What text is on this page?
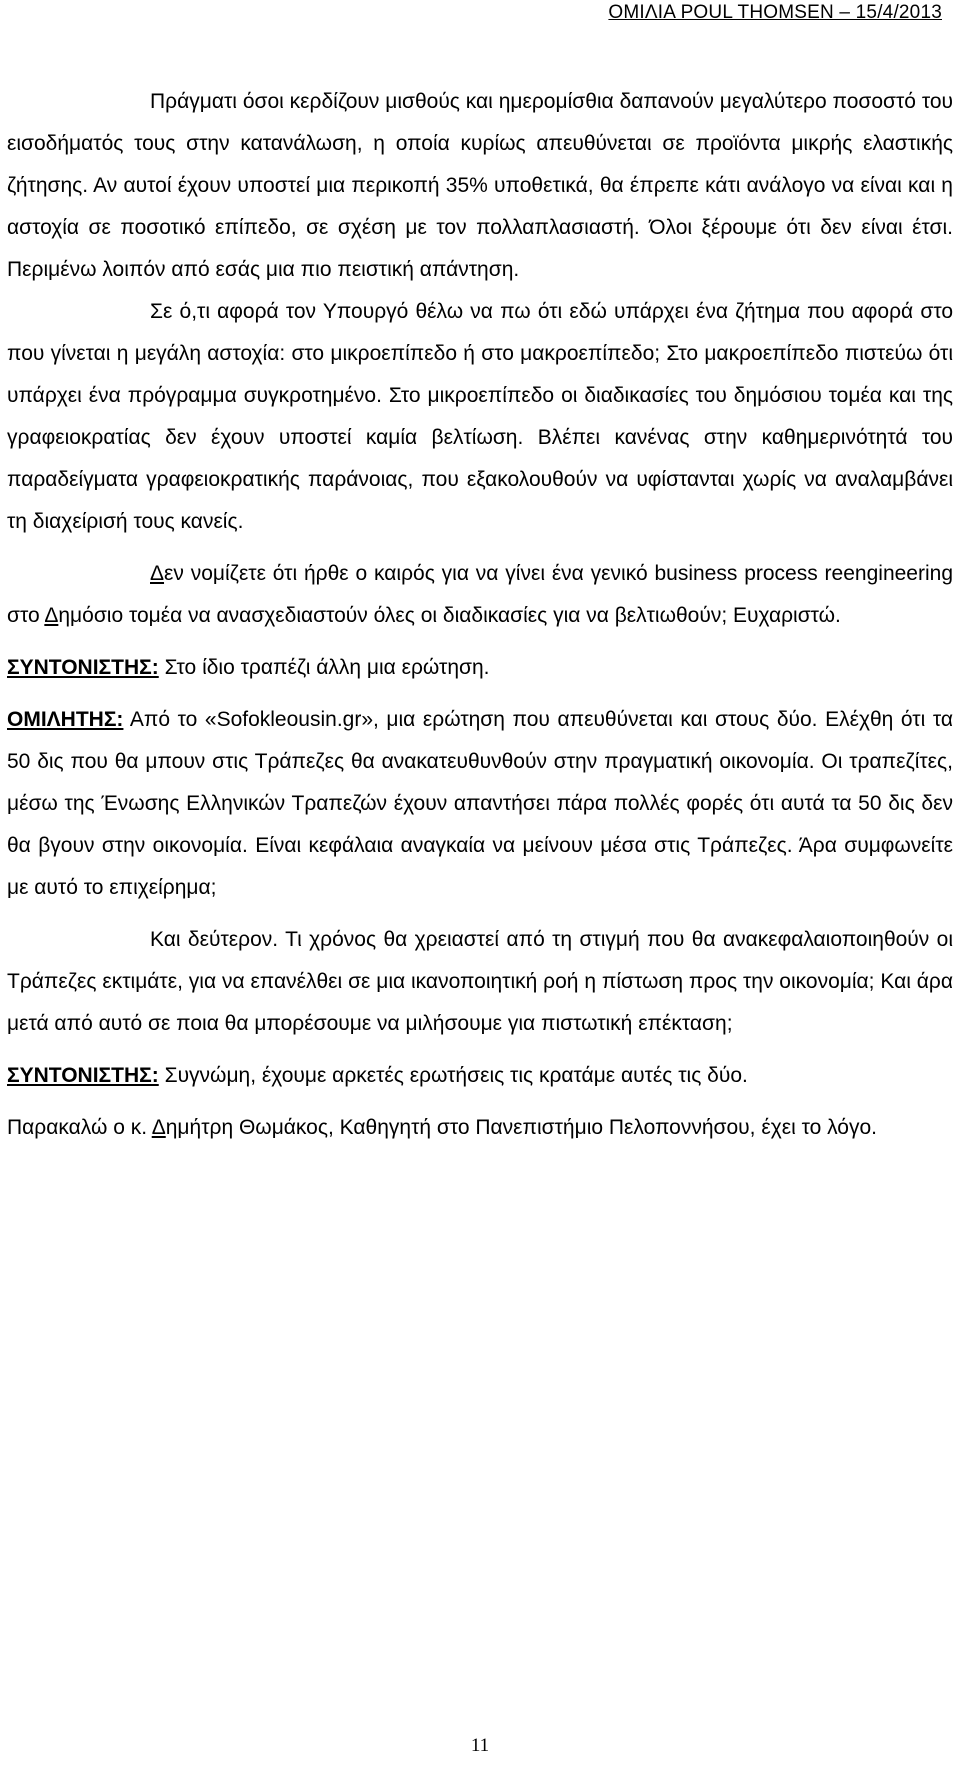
ΟΜΙΛΙΑ POUL THOMSEN – 15/4/2013

Πράγματι όσοι κερδίζουν μισθούς και ημερομίσθια δαπανούν μεγαλύτερο ποσοστό του εισοδήματός τους στην κατανάλωση, η οποία κυρίως απευθύνεται σε προϊόντα μικρής ελαστικής ζήτησης. Αν αυτοί έχουν υποστεί μια περικοπή 35% υποθετικά, θα έπρεπε κάτι ανάλογο να είναι και η αστοχία σε ποσοτικό επίπεδο, σε σχέση με τον πολλαπλασιαστή. Όλοι ξέρουμε ότι δεν είναι έτσι. Περιμένω λοιπόν από εσάς μια πιο πειστική απάντηση.

Σε ό,τι αφορά τον Υπουργό θέλω να πω ότι εδώ υπάρχει ένα ζήτημα που αφορά στο που γίνεται η μεγάλη αστοχία: στο μικροεπίπεδο ή στο μακροεπίπεδο; Στο μακροεπίπεδο πιστεύω ότι υπάρχει ένα πρόγραμμα συγκροτημένο. Στο μικροεπίπεδο οι διαδικασίες του δημόσιου τομέα και της γραφειοκρατίας δεν έχουν υποστεί καμία βελτίωση. Βλέπει κανένας στην καθημερινότητά του παραδείγματα γραφειοκρατικής παράνοιας, που εξακολουθούν να υφίστανται χωρίς να αναλαμβάνει τη διαχείρισή τους κανείς.

Δεν νομίζετε ότι ήρθε ο καιρός για να γίνει ένα γενικό business process reengineering στο Δημόσιο τομέα να ανασχεδιαστούν όλες οι διαδικασίες για να βελτιωθούν; Ευχαριστώ.

ΣΥΝΤΟΝΙΣΤΗΣ: Στο ίδιο τραπέζι άλλη μια ερώτηση.

ΟΜΙΛΗΤΗΣ: Από το «Sofokleousin.gr», μια ερώτηση που απευθύνεται και στους δύο. Ελέχθη ότι τα 50 δις που θα μπουν στις Τράπεζες θα ανακατευθυνθούν στην πραγματική οικονομία. Οι τραπεζίτες, μέσω της Ένωσης Ελληνικών Τραπεζών έχουν απαντήσει πάρα πολλές φορές ότι αυτά τα 50 δις δεν θα βγουν στην οικονομία. Είναι κεφάλαια αναγκαία να μείνουν μέσα στις Τράπεζες. Άρα συμφωνείτε με αυτό το επιχείρημα;

Και δεύτερον. Τι χρόνος θα χρειαστεί από τη στιγμή που θα ανακεφαλαιοποιηθούν οι Τράπεζες εκτιμάτε, για να επανέλθει σε μια ικανοποιητική ροή η πίστωση προς την οικονομία; Και άρα μετά από αυτό σε ποια θα μπορέσουμε να μιλήσουμε για πιστωτική επέκταση;

ΣΥΝΤΟΝΙΣΤΗΣ: Συγνώμη, έχουμε αρκετές ερωτήσεις τις κρατάμε αυτές τις δύο.

Παρακαλώ ο κ. Δημήτρη Θωμάκος, Καθηγητή στο Πανεπιστήμιο Πελοποννήσου, έχει το λόγο.

11
